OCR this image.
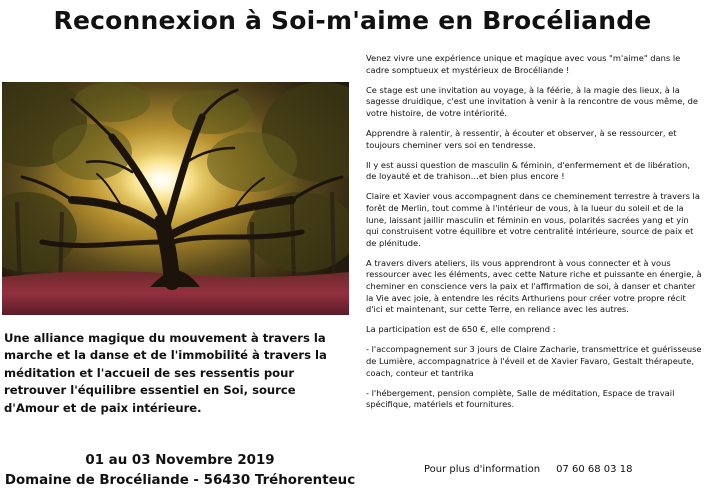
Reconnexion à Soi-m'aime en Brocéliande

Une alliance magique du mouvement à travers la marche et la danse et de l'immobilité à travers la méditation et l'accueil de ses ressentis pour retrouver l'équilibre essentiel en Soi, source d'Amour et de paix intérieure.

01 au 03 Novembre 2019
Domaine de Brocéliande - 56430 Tréhorenteuc

Venez vivre une expérience unique et magique avec vous "m'aime" dans le cadre somptueux et mystérieux de Brocéliande !

Ce stage est une invitation au voyage, à la féérie, à la magie des lieux, à la sagesse druidique, c'est une invitation à venir à la rencontre de vous même, de votre histoire, de votre intériorité.

Apprendre à ralentir, à ressentir, à écouter et observer, à se ressourcer, et toujours cheminer vers soi en tendresse.

Il y est aussi question de masculin & féminin, d'enfermement et de libération, de loyauté et de trahison…et bien plus encore !

Claire et Xavier vous accompagnent dans ce cheminement terrestre à travers la forêt de Merlin, tout comme à l'intérieur de vous, à la lueur du soleil et de la lune, laissant jaillir masculin et féminin en vous, polarités sacrées yang et yin qui construisent votre équilibre et votre centralité intérieure, source de paix et de plénitude.

A travers divers ateliers, ils vous apprendront à vous connecter et à vous ressourcer avec les éléments, avec cette Nature riche et puissante en énergie, à cheminer en conscience vers la paix et l'affirmation de soi, à danser et chanter la Vie avec joie, à entendre les récits Arthuriens pour créer votre propre récit d'ici et maintenant, sur cette Terre, en reliance avec les autres.

La participation est de 650 €, elle comprend :

- l'accompagnement sur 3 jours de Claire Zacharie, transmettrice et guérisseuse de Lumière, accompagnatrice à l'éveil et de Xavier Favaro, Gestalt thérapeute, coach, conteur et tantrika

- l'hébergement, pension complète, Salle de méditation, Espace de travail spécifique, matériels et fournitures.

Pour plus d'information 07 60 68 03 18
